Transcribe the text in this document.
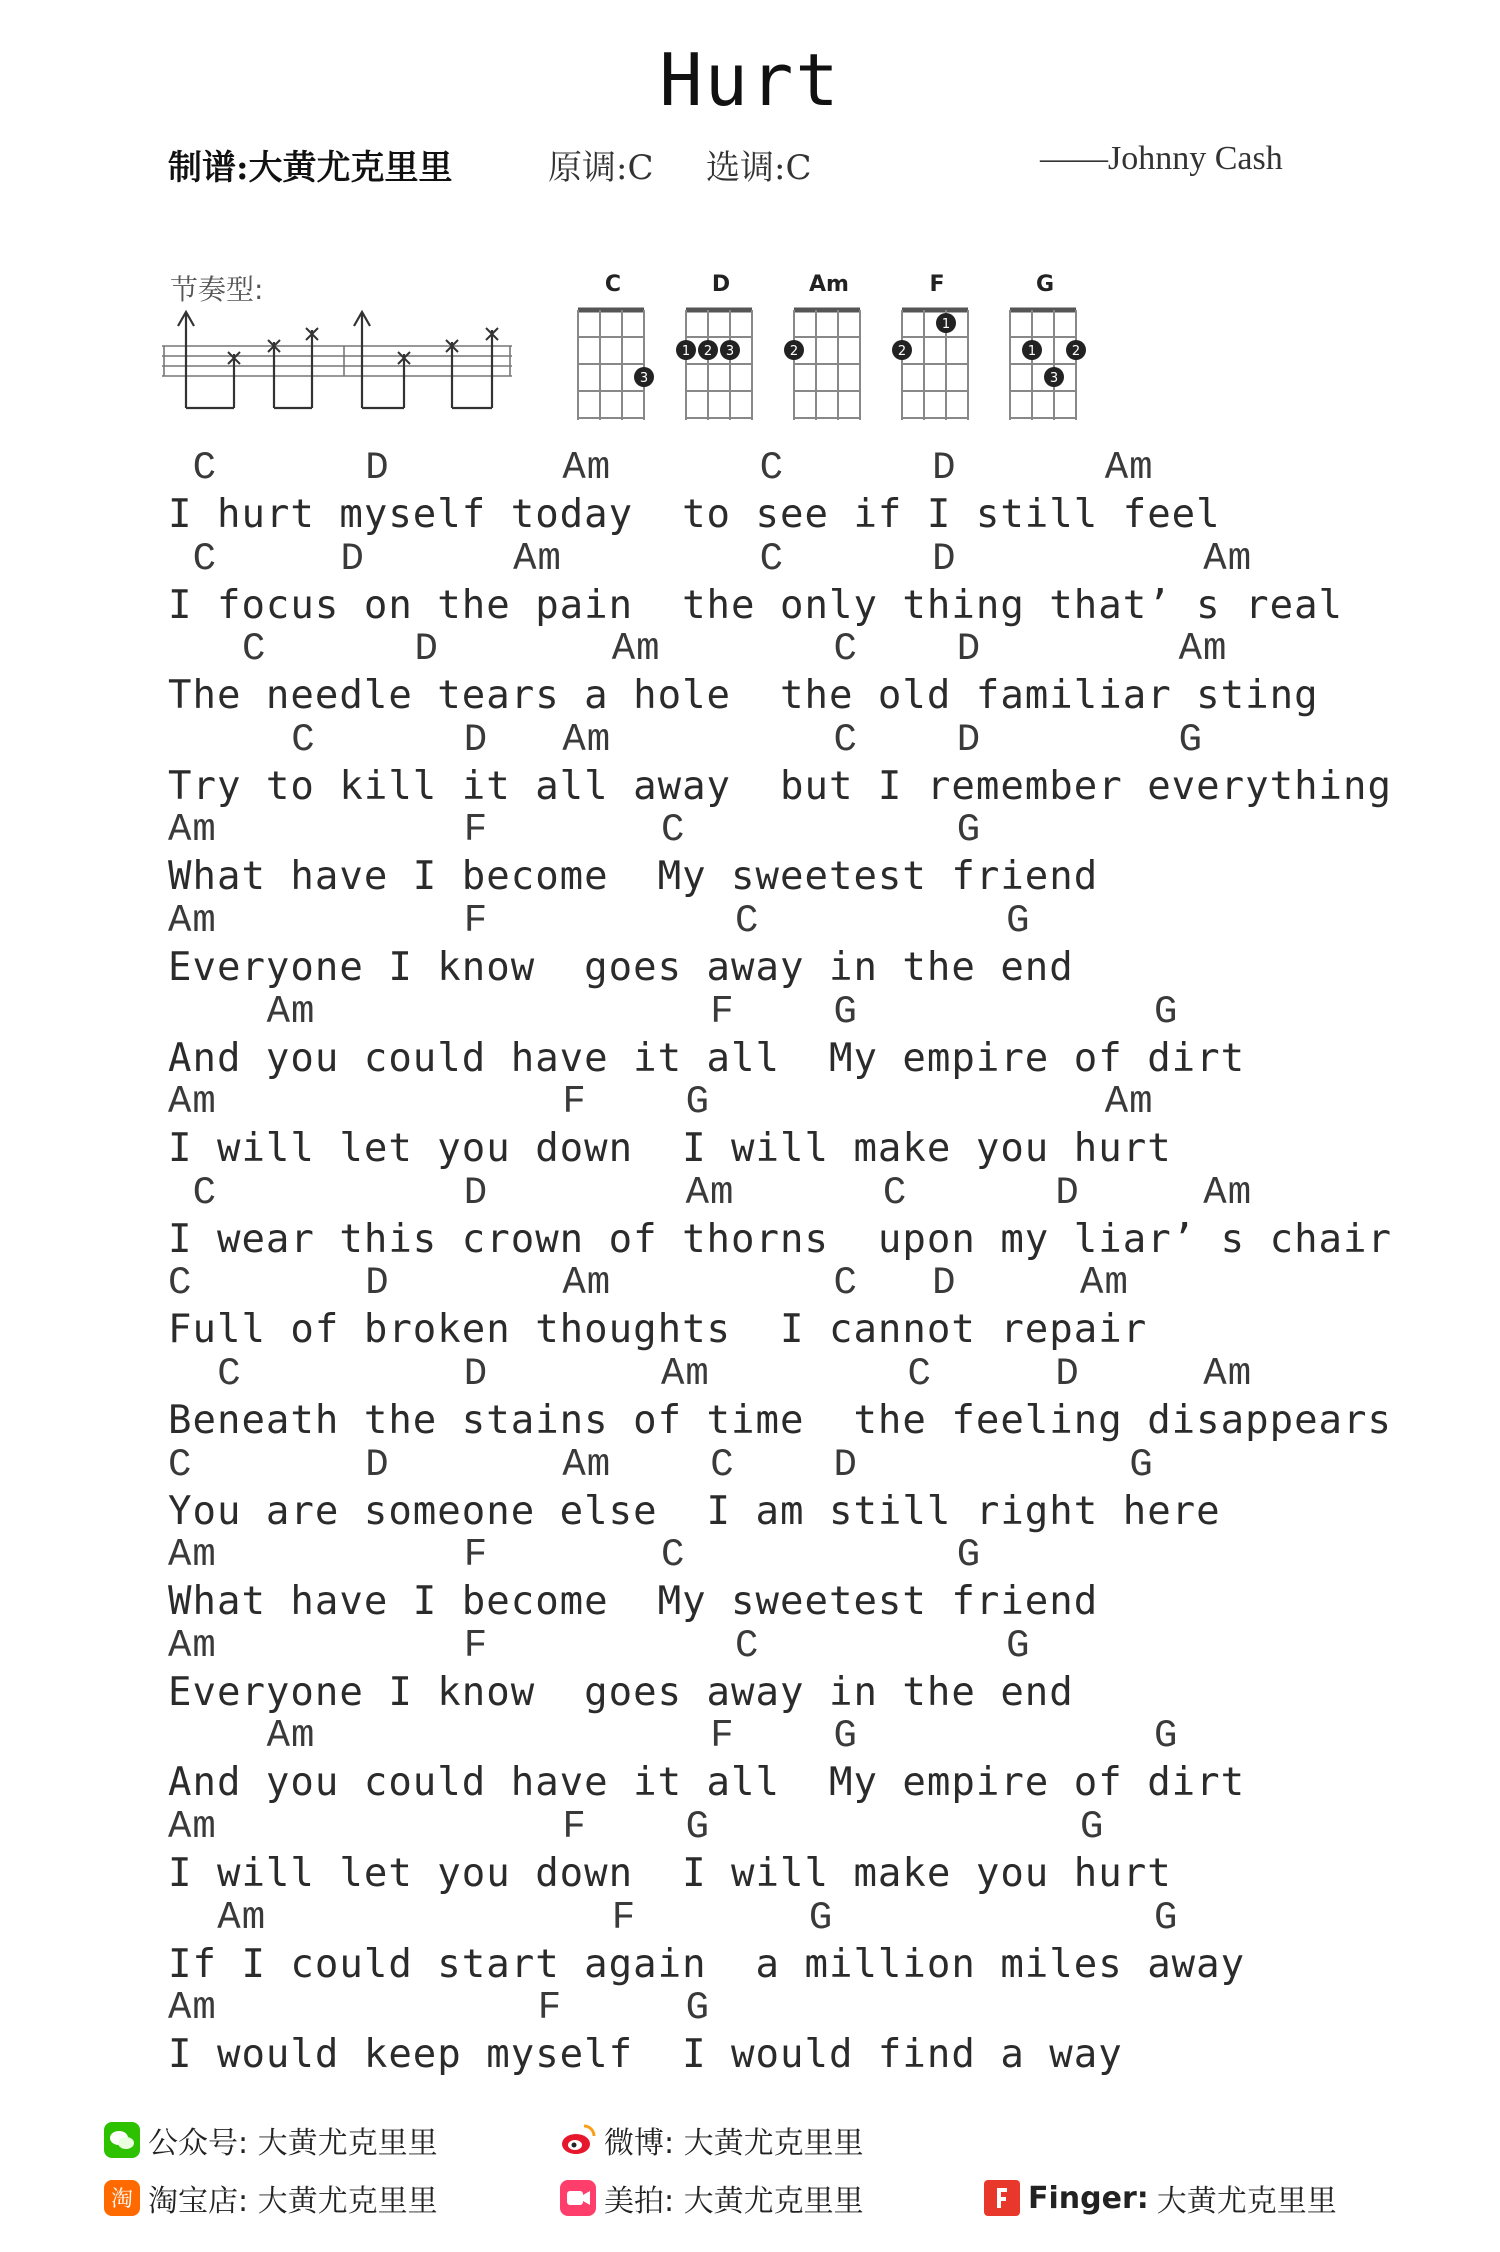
Hurt
制谱:大黄尤克里里	原调:C 选调:C	——Johnny Cash
节奏型:	C
3
D
1 2 3
Am
2
F
1
2
G
1	2
3
C	D	Am	C	D	Am
I hurt myself today  to see if I still feel
C	D	Am	C	D	Am
I focus on the pain  the only thing that’ s real
C	D	Am	C	D	Am
The needle tears a hole  the old familiar sting
C	D Am	C	D	G
Try to kill it all away  but I remember everything
Am	F	C	G
What have I become  My sweetest friend
Am	F	C	G
Everyone I know  goes away in the end
Am	F	G	G
And you could have it all  My empire of dirt
Am	F	G	Am
I will let you down  I will make you hurt
C	D	Am	C	D	Am
I wear this crown of thorns  upon my liar’ s chair
C	D	Am	C D	Am
Full of broken thoughts  I cannot repair
C	D	Am	C	D	Am
Beneath the stains of time  the feeling disappears
C	D	Am	C	D	G
You are someone else  I am still right here
Am	F	C	G
What have I become  My sweetest friend
Am	F	C	G
Everyone I know  goes away in the end
Am	F	G	G
And you could have it all  My empire of dirt
Am	F	G	G
I will let you down  I will make you hurt
Am	F	G	G
If I could start again  a million miles away
Am	F	G
I would keep myself  I would find a way
公众号: 大黄尤克里里	微博: 大黄尤克里里
淘 淘宝店: 大黄尤克里里	美拍: 大黄尤克里里	Finger: 大黄尤克里里
